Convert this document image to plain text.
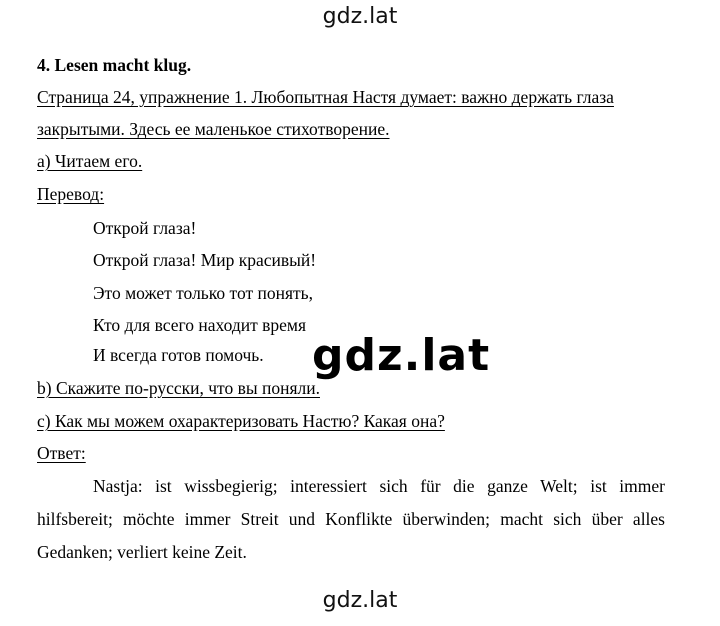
gdz.lat
4. Lesen macht klug.
Страница 24, упражнение 1. Любопытная Настя думает: важно держать глаза
закрытыми. Здесь ее маленькое стихотворение.
а) Читаем его.
Перевод:
Открой глаза!
Открой глаза! Мир красивый!
Это может только тот понять,
Кто для всего находит время
И всегда готов помочь.
b) Скажите по-русски, что вы поняли.
c) Как мы можем охарактеризовать Настю? Какая она?
Ответ:
Nastja: ist wissbegierig; interessiert sich für die ganze Welt; ist immer
hilfsbereit; möchte immer Streit und Konflikte überwinden; macht sich über alles
Gedanken; verliert keine Zeit.
gdz.lat
gdz.lat
